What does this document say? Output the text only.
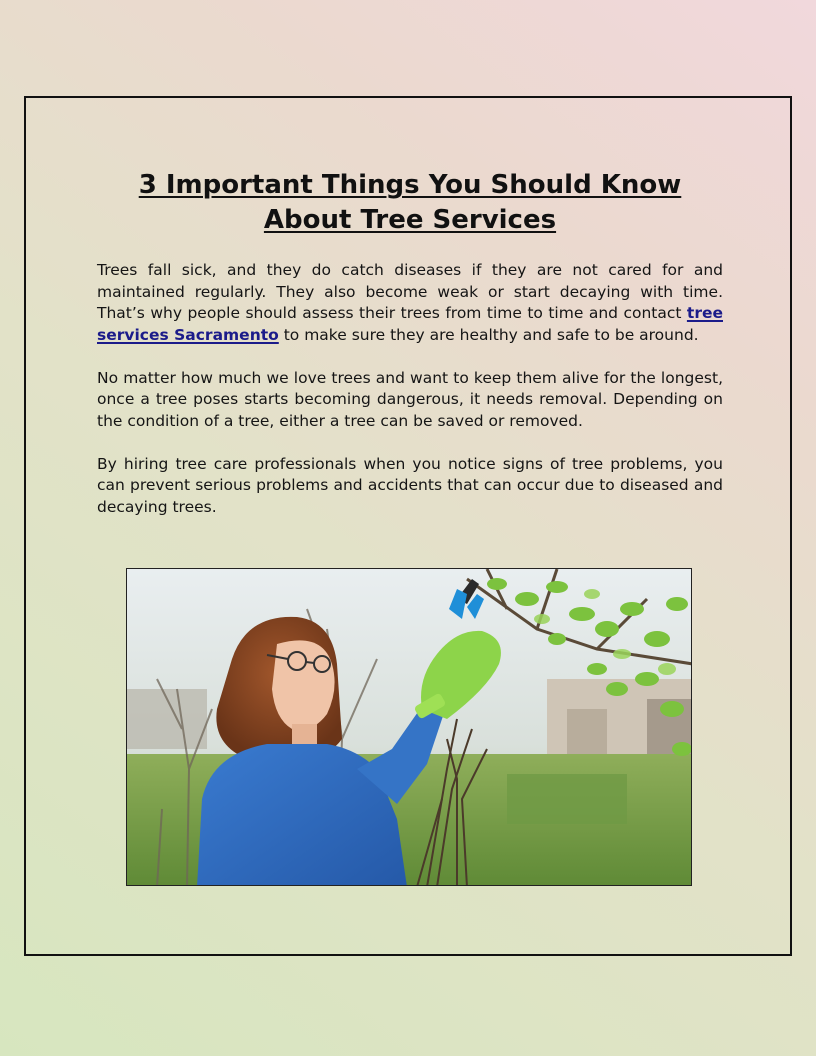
3 Important Things You Should Know
About Tree Services

Trees fall sick, and they do catch diseases if they are not cared for and maintained regularly. They also become weak or start decaying with time. That’s why people should assess their trees from time to time and contact tree services Sacramento to make sure they are healthy and safe to be around.

No matter how much we love trees and want to keep them alive for the longest, once a tree poses starts becoming dangerous, it needs removal. Depending on the condition of a tree, either a tree can be saved or removed.

By hiring tree care professionals when you notice signs of tree problems, you can prevent serious problems and accidents that can occur due to diseased and decaying trees.
